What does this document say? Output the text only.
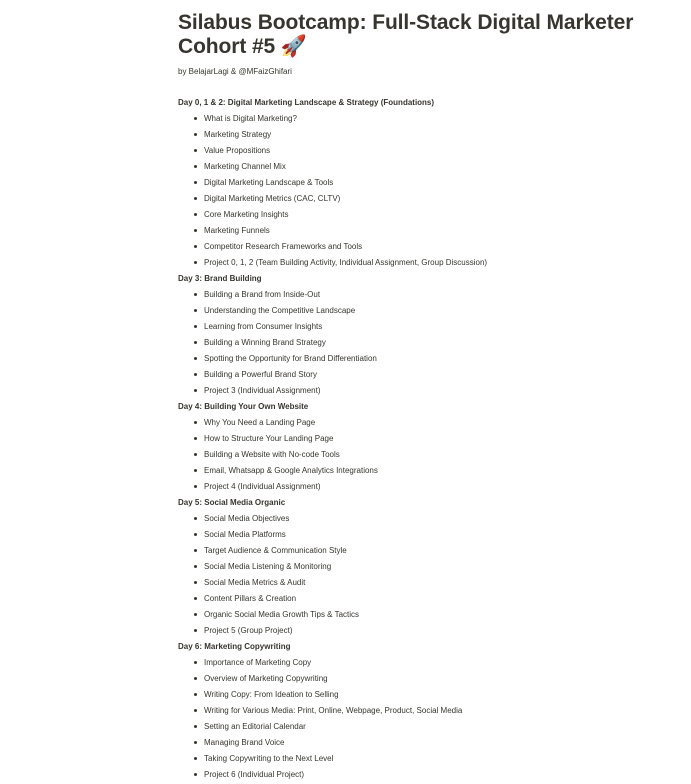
Silabus Bootcamp: Full-Stack Digital Marketer Cohort #5 🚀
by BelajarLagi & @MFaizGhifari
Day 0, 1 & 2: Digital Marketing Landscape & Strategy (Foundations)
What is Digital Marketing?
Marketing Strategy
Value Propositions
Marketing Channel Mix
Digital Marketing Landscape & Tools
Digital Marketing Metrics (CAC, CLTV)
Core Marketing Insights
Marketing Funnels
Competitor Research Frameworks and Tools
Project 0, 1, 2 (Team Building Activity, Individual Assignment, Group Discussion)
Day 3: Brand Building
Building a Brand from Inside-Out
Understanding the Competitive Landscape
Learning from Consumer Insights
Building a Winning Brand Strategy
Spotting the Opportunity for Brand Differentiation
Building a Powerful Brand Story
Project 3 (Individual Assignment)
Day 4: Building Your Own Website
Why You Need a Landing Page
How to Structure Your Landing Page
Building a Website with No-code Tools
Email, Whatsapp & Google Analytics Integrations
Project 4 (Individual Assignment)
Day 5: Social Media Organic
Social Media Objectives
Social Media Platforms
Target Audience & Communication Style
Social Media Listening & Monitoring
Social Media Metrics & Audit
Content Pillars & Creation
Organic Social Media Growth Tips & Tactics
Project 5 (Group Project)
Day 6: Marketing Copywriting
Importance of Marketing Copy
Overview of Marketing Copywriting
Writing Copy: From Ideation to Selling
Writing for Various Media: Print, Online, Webpage, Product, Social Media
Setting an Editorial Calendar
Managing Brand Voice
Taking Copywriting to the Next Level
Project 6 (Individual Project)
